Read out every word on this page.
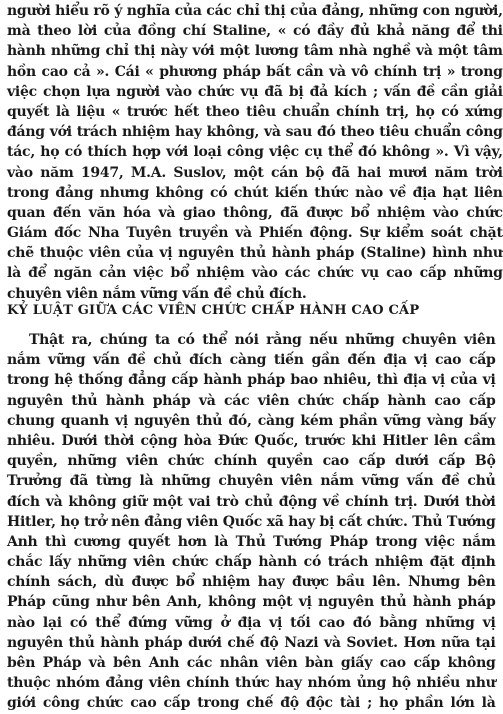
người hiểu rõ ý nghĩa của các chỉ thị của đảng, những con người,
mà theo lời của đồng chí Staline, « có đầy đủ khả năng để thi
hành những chỉ thị này với một lương tâm nhà nghề và một tâm
hồn cao cả ». Cái « phương pháp bất cần và vô chính trị » trong
việc chọn lựa người vào chức vụ đã bị đả kích ; vấn đề cần giải
quyết là liệu « trước hết theo tiêu chuẩn chính trị, họ có xứng
đáng với trách nhiệm hay không, và sau đó theo tiêu chuẩn công
tác, họ có thích hợp với loại công việc cụ thể đó không ». Vì vậy,
vào năm 1947, M.A. Suslov, một cán bộ đã hai mươi năm trời
trong đảng nhưng không có chút kiến thức nào về địa hạt liên
quan đến văn hóa và giao thông, đã được bổ nhiệm vào chức
Giám đốc Nha Tuyên truyền và Phiến động. Sự kiểm soát chặt
chẽ thuộc viên của vị nguyên thủ hành pháp (Staline) hình như
là để ngăn cản việc bổ nhiệm vào các chức vụ cao cấp những
chuyên viên nắm vững vấn đề chủ đích.
KỶ LUẬT GIỮA CÁC VIÊN CHỨC CHẤP HÀNH CAO CẤP
Thật ra, chúng ta có thể nói rằng nếu những chuyên viên
nắm vững vấn đề chủ đích càng tiến gần đến địa vị cao cấp
trong hệ thống đẳng cấp hành pháp bao nhiêu, thì địa vị của vị
nguyên thủ hành pháp và các viên chức chấp hành cao cấp
chung quanh vị nguyên thủ đó, càng kém phần vững vàng bấy
nhiêu. Dưới thời cộng hòa Đức Quốc, trước khi Hitler lên cầm
quyền, những viên chức chính quyền cao cấp dưới cấp Bộ
Trưởng đã từng là những chuyên viên nắm vững vấn đề chủ
đích và không giữ một vai trò chủ động về chính trị. Dưới thời
Hitler, họ trở nên đảng viên Quốc xã hay bị cất chức. Thủ Tướng
Anh thì cương quyết hơn là Thủ Tướng Pháp trong việc nắm
chắc lấy những viên chức chấp hành có trách nhiệm đặt định
chính sách, dù được bổ nhiệm hay được bầu lên. Nhưng bên
Pháp cũng như bên Anh, không một vị nguyên thủ hành pháp
nào lại có thể đứng vững ở địa vị tối cao đó bằng những vị
nguyên thủ hành pháp dưới chế độ Nazi và Soviet. Hơn nữa tại
bên Pháp và bên Anh các nhân viên bàn giấy cao cấp không
thuộc nhóm đảng viên chính thức hay nhóm ủng hộ nhiều như
giới công chức cao cấp trong chế độ độc tài ; họ phần lớn là
